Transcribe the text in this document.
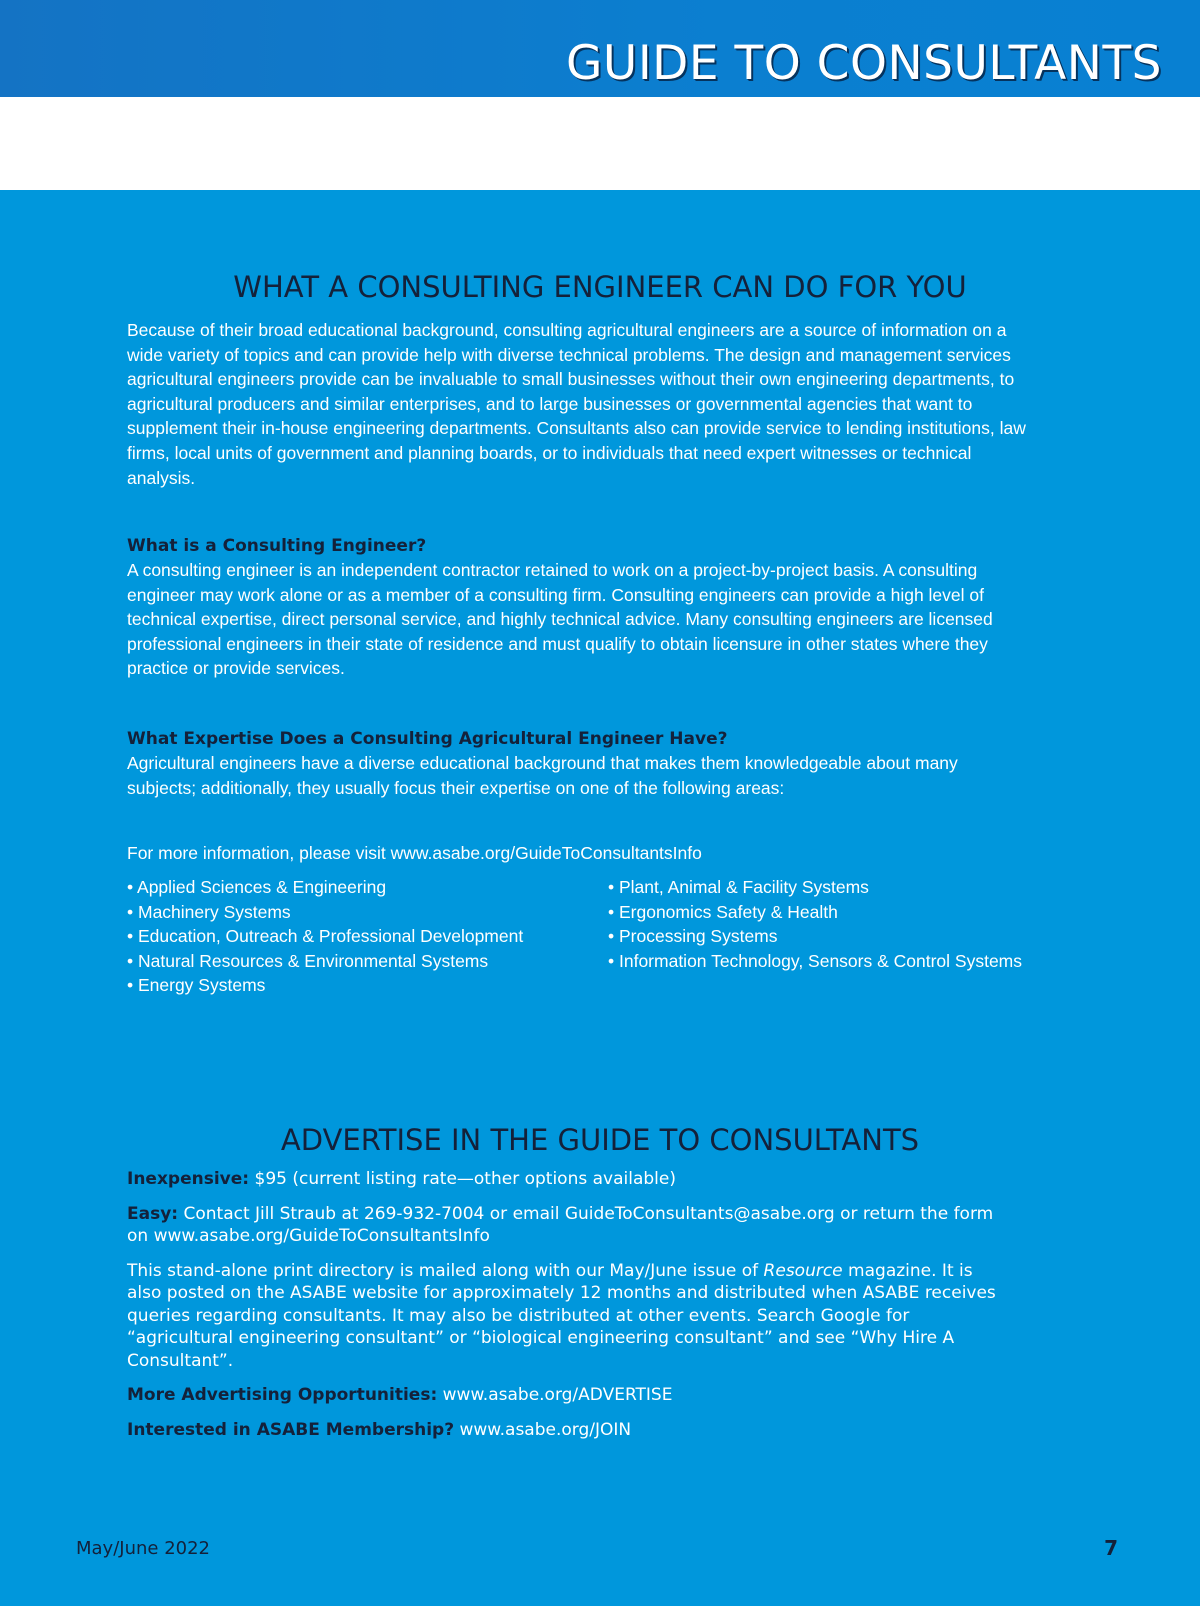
GUIDE TO CONSULTANTS
WHAT A CONSULTING ENGINEER CAN DO FOR YOU

Because of their broad educational background, consulting agricultural engineers are a source of information on a wide variety of topics and can provide help with diverse technical problems. The design and management services agricultural engineers provide can be invaluable to small businesses without their own engineering departments, to agricultural producers and similar enterprises, and to large businesses or governmental agencies that want to supplement their in-house engineering departments. Consultants also can provide service to lending institutions, law firms, local units of government and planning boards, or to individuals that need expert witnesses or technical analysis.

What is a Consulting Engineer?

A consulting engineer is an independent contractor retained to work on a project-by-project basis. A consulting engineer may work alone or as a member of a consulting firm. Consulting engineers can provide a high level of technical expertise, direct personal service, and highly technical advice. Many consulting engineers are licensed professional engineers in their state of residence and must qualify to obtain licensure in other states where they practice or provide services.

What Expertise Does a Consulting Agricultural Engineer Have?

Agricultural engineers have a diverse educational background that makes them knowledgeable about many subjects; additionally, they usually focus their expertise on one of the following areas:

For more information, please visit www.asabe.org/GuideToConsultantsInfo

• Applied Sciences & Engineering
• Machinery Systems
• Education, Outreach & Professional Development
• Natural Resources & Environmental Systems
• Energy Systems
• Plant, Animal & Facility Systems
• Ergonomics Safety & Health
• Processing Systems
• Information Technology, Sensors & Control Systems
ADVERTISE IN THE GUIDE TO CONSULTANTS

Inexpensive: $95 (current listing rate—other options available)

Easy: Contact Jill Straub at 269-932-7004 or email GuideToConsultants@asabe.org or return the form on www.asabe.org/GuideToConsultantsInfo

This stand-alone print directory is mailed along with our May/June issue of Resource magazine. It is also posted on the ASABE website for approximately 12 months and distributed when ASABE receives queries regarding consultants. It may also be distributed at other events. Search Google for “agricultural engineering consultant” or “biological engineering consultant” and see “Why Hire A Consultant”.

More Advertising Opportunities: www.asabe.org/ADVERTISE

Interested in ASABE Membership? www.asabe.org/JOIN

May/June 2022	7
